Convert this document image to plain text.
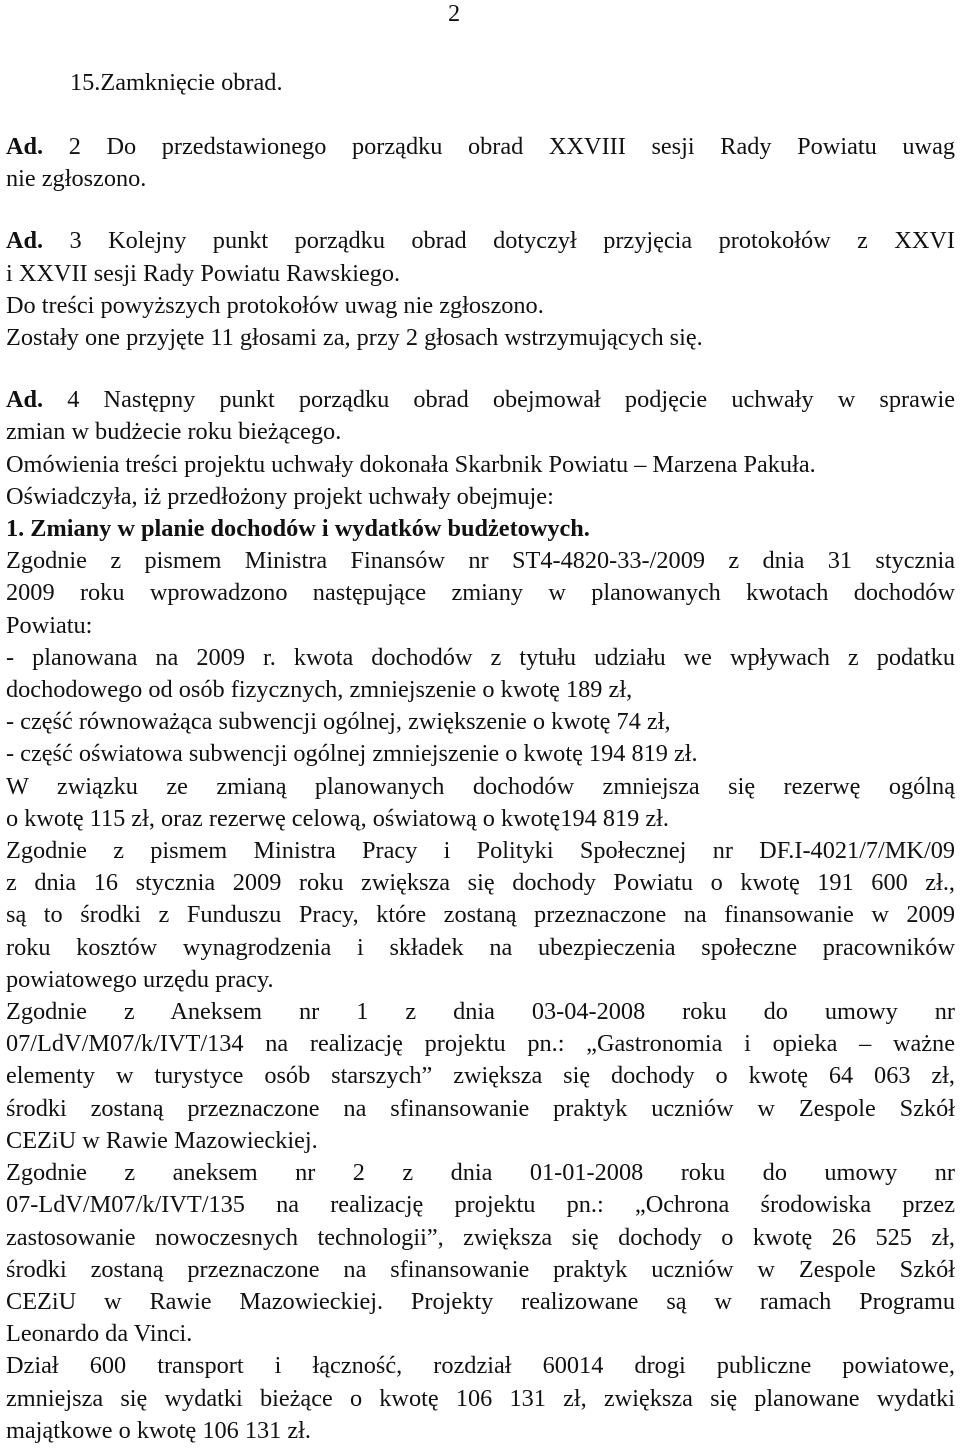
2

15.Zamknięcie obrad.

Ad. 2 Do przedstawionego porządku obrad XXVIII sesji Rady Powiatu uwag

nie zgłoszono.

Ad. 3 Kolejny punkt porządku obrad dotyczył przyjęcia protokołów z XXVI

i XXVII sesji Rady Powiatu Rawskiego.

Do treści powyższych protokołów uwag nie zgłoszono.

Zostały one przyjęte 11 głosami za, przy 2 głosach wstrzymujących się.

Ad. 4 Następny punkt porządku obrad obejmował podjęcie uchwały w sprawie

zmian w budżecie roku bieżącego.

Omówienia treści projektu uchwały dokonała Skarbnik Powiatu – Marzena Pakuła.

Oświadczyła, iż przedłożony projekt uchwały obejmuje:

1. Zmiany w planie dochodów i wydatków budżetowych.

Zgodnie z pismem Ministra Finansów nr ST4-4820-33-/2009 z dnia 31 stycznia

2009 roku wprowadzono następujące zmiany w planowanych kwotach dochodów

Powiatu:

- planowana na 2009 r. kwota dochodów z tytułu udziału we wpływach z podatku

dochodowego od osób fizycznych, zmniejszenie o kwotę 189 zł,

- część równoważąca subwencji ogólnej, zwiększenie o kwotę 74 zł,

- część oświatowa subwencji ogólnej zmniejszenie o kwotę 194 819 zł.

W związku ze zmianą planowanych dochodów zmniejsza się rezerwę ogólną

o kwotę 115 zł, oraz rezerwę celową, oświatową o kwotę194 819 zł.

Zgodnie z pismem Ministra Pracy i Polityki Społecznej nr DF.I-4021/7/MK/09

z dnia 16 stycznia 2009 roku zwiększa się dochody Powiatu o kwotę 191 600 zł.,

są to środki z Funduszu Pracy, które zostaną przeznaczone na finansowanie w 2009

roku kosztów wynagrodzenia i składek na ubezpieczenia społeczne pracowników

powiatowego urzędu pracy.

Zgodnie z Aneksem nr 1 z dnia 03-04-2008 roku do umowy nr

07/LdV/M07/k/IVT/134 na realizację projektu pn.: „Gastronomia i opieka – ważne

elementy w turystyce osób starszych” zwiększa się dochody o kwotę 64 063 zł,

środki zostaną przeznaczone na sfinansowanie praktyk uczniów w Zespole Szkół

CEZiU w Rawie Mazowieckiej.

Zgodnie z aneksem nr 2 z dnia 01-01-2008 roku do umowy nr

07-LdV/M07/k/IVT/135 na realizację projektu pn.: „Ochrona środowiska przez

zastosowanie nowoczesnych technologii”, zwiększa się dochody o kwotę 26 525 zł,

środki zostaną przeznaczone na sfinansowanie praktyk uczniów w Zespole Szkół

CEZiU w Rawie Mazowieckiej. Projekty realizowane są w ramach Programu

Leonardo da Vinci.

Dział 600 transport i łączność, rozdział 60014 drogi publiczne powiatowe,

zmniejsza się wydatki bieżące o kwotę 106 131 zł, zwiększa się planowane wydatki

majątkowe o kwotę 106 131 zł.
